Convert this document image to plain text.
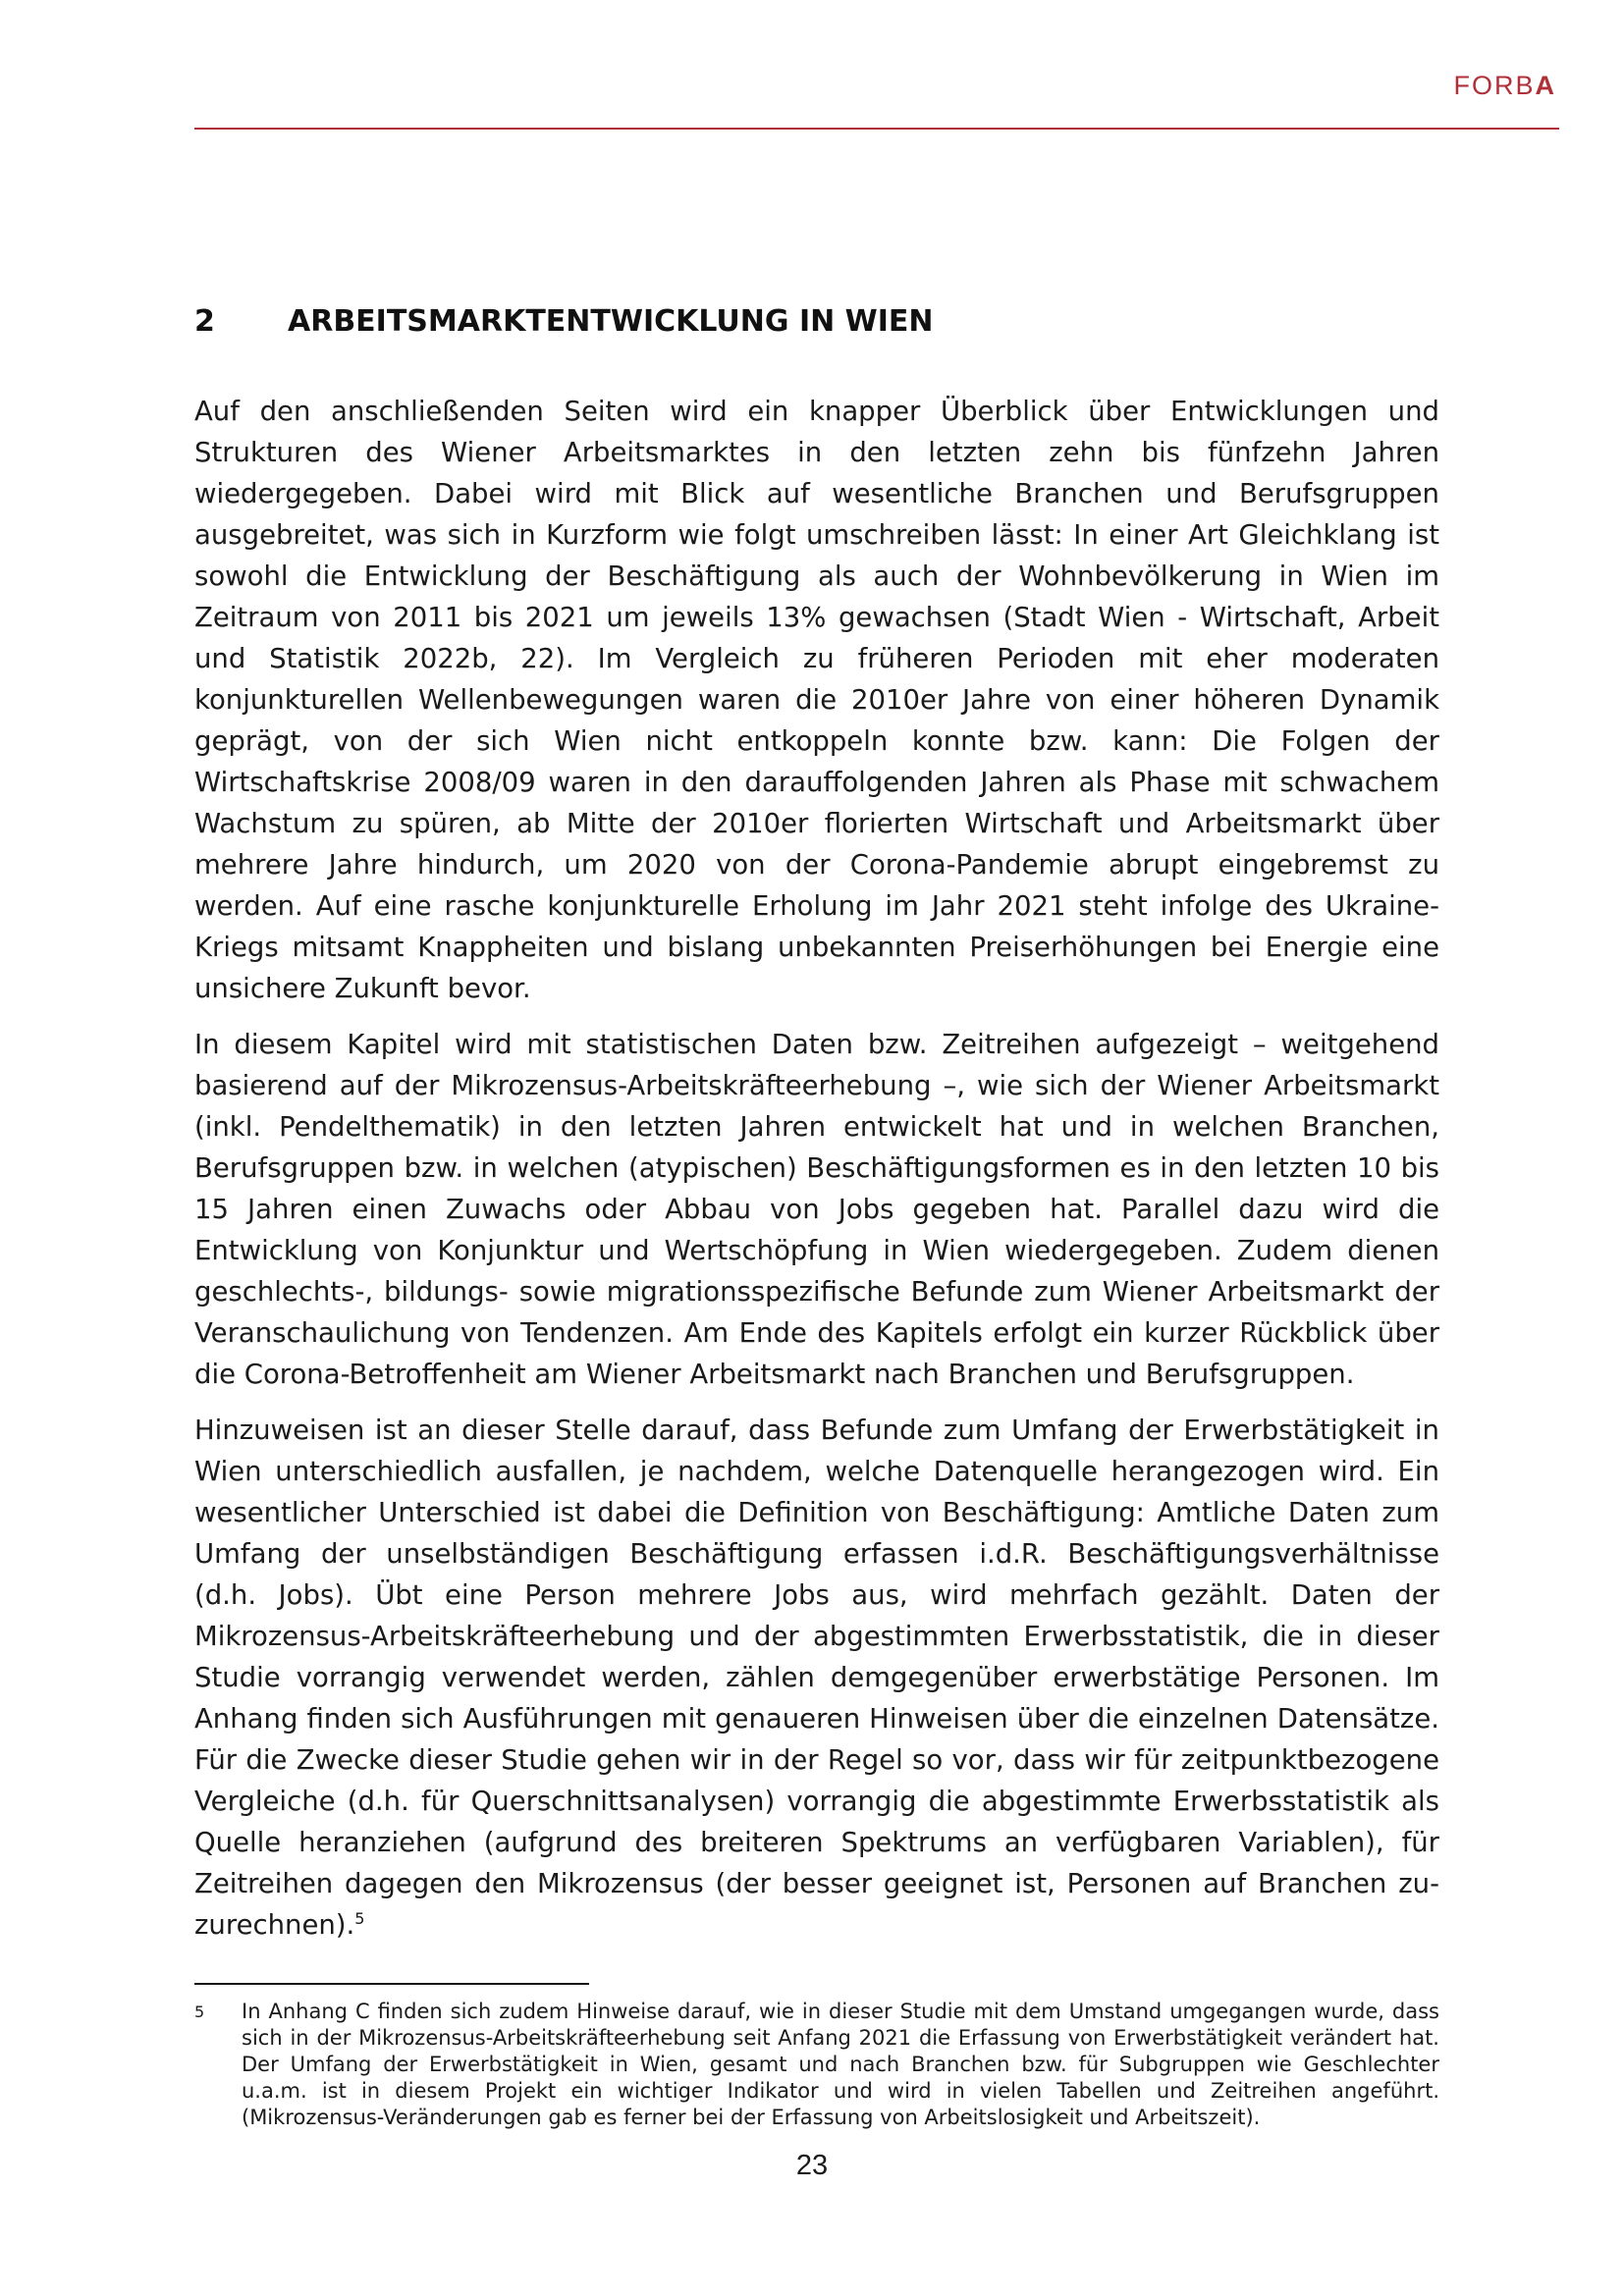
FORBA
2 ARBEITSMARKTENTWICKLUNG IN WIEN

Auf den anschließenden Seiten wird ein knapper Überblick über Entwicklungen und Strukturen des Wiener Arbeitsmarktes in den letzten zehn bis fünfzehn Jahren wiedergegeben. Dabei wird mit Blick auf wesentliche Branchen und Berufsgruppen ausgebreitet, was sich in Kurzform wie folgt umschreiben lässt: In einer Art Gleichklang ist sowohl die Entwicklung der Beschäftigung als auch der Wohnbevölkerung in Wien im Zeitraum von 2011 bis 2021 um jeweils 13% gewachsen (Stadt Wien - Wirtschaft, Arbeit und Statistik 2022b, 22). Im Vergleich zu früheren Perioden mit eher moderaten konjunkturellen Wellenbewegungen waren die 2010er Jahre von einer höheren Dynamik geprägt, von der sich Wien nicht entkoppeln konnte bzw. kann: Die Folgen der Wirtschaftskrise 2008/09 waren in den darauffolgenden Jahren als Phase mit schwachem Wachstum zu spüren, ab Mitte der 2010er florierten Wirtschaft und Arbeitsmarkt über mehrere Jahre hindurch, um 2020 von der Corona-Pandemie abrupt eingebremst zu werden. Auf eine rasche konjunkturelle Erholung im Jahr 2021 steht infolge des Ukraine-Kriegs mitsamt Knappheiten und bislang unbekannten Preiserhöhungen bei Energie eine unsichere Zukunft bevor.

In diesem Kapitel wird mit statistischen Daten bzw. Zeitreihen aufgezeigt – weitgehend basierend auf der Mikrozensus-Arbeitskräfteerhebung –, wie sich der Wiener Arbeitsmarkt (inkl. Pendelthematik) in den letzten Jahren entwickelt hat und in welchen Branchen, Berufsgruppen bzw. in welchen (atypischen) Beschäftigungsformen es in den letzten 10 bis 15 Jahren einen Zuwachs oder Abbau von Jobs gegeben hat. Parallel dazu wird die Entwicklung von Konjunktur und Wertschöpfung in Wien wiedergegeben. Zudem dienen geschlechts-, bildungs- sowie migrationsspezifische Befunde zum Wiener Arbeitsmarkt der Veranschaulichung von Tendenzen. Am Ende des Kapitels erfolgt ein kurzer Rückblick über die Corona-Betroffenheit am Wiener Arbeitsmarkt nach Branchen und Berufsgruppen.

Hinzuweisen ist an dieser Stelle darauf, dass Befunde zum Umfang der Erwerbstätigkeit in Wien unterschiedlich ausfallen, je nachdem, welche Datenquelle herangezogen wird. Ein wesentlicher Unterschied ist dabei die Definition von Beschäftigung: Amtliche Daten zum Umfang der unselbständigen Beschäftigung erfassen i.d.R. Beschäftigungsverhältnisse (d.h. Jobs). Übt eine Person mehrere Jobs aus, wird mehrfach gezählt. Daten der Mikrozensus-Arbeitskräfteerhebung und der abgestimmten Erwerbsstatistik, die in dieser Studie vorrangig verwendet werden, zählen demgegenüber erwerbstätige Personen. Im Anhang finden sich Ausführungen mit genaueren Hinweisen über die einzelnen Datensätze. Für die Zwecke dieser Studie gehen wir in der Regel so vor, dass wir für zeitpunktbezogene Vergleiche (d.h. für Querschnittsanalysen) vorrangig die abgestimmte Erwerbsstatistik als Quelle heranziehen (aufgrund des breiteren Spektrums an verfügbaren Variablen), für Zeitreihen dagegen den Mikrozensus (der besser geeignet ist, Personen auf Branchen zuzurechnen).$^5$

5	In Anhang C finden sich zudem Hinweise darauf, wie in dieser Studie mit dem Umstand umgegangen wurde, dass sich in der Mikrozensus-Arbeitskräfteerhebung seit Anfang 2021 die Erfassung von Erwerbstätigkeit verändert hat. Der Umfang der Erwerbstätigkeit in Wien, gesamt und nach Branchen bzw. für Subgruppen wie Geschlechter u.a.m. ist in diesem Projekt ein wichtiger Indikator und wird in vielen Tabellen und Zeitreihen angeführt. (Mikrozensus-Veränderungen gab es ferner bei der Erfassung von Arbeitslosigkeit und Arbeitszeit).
23
